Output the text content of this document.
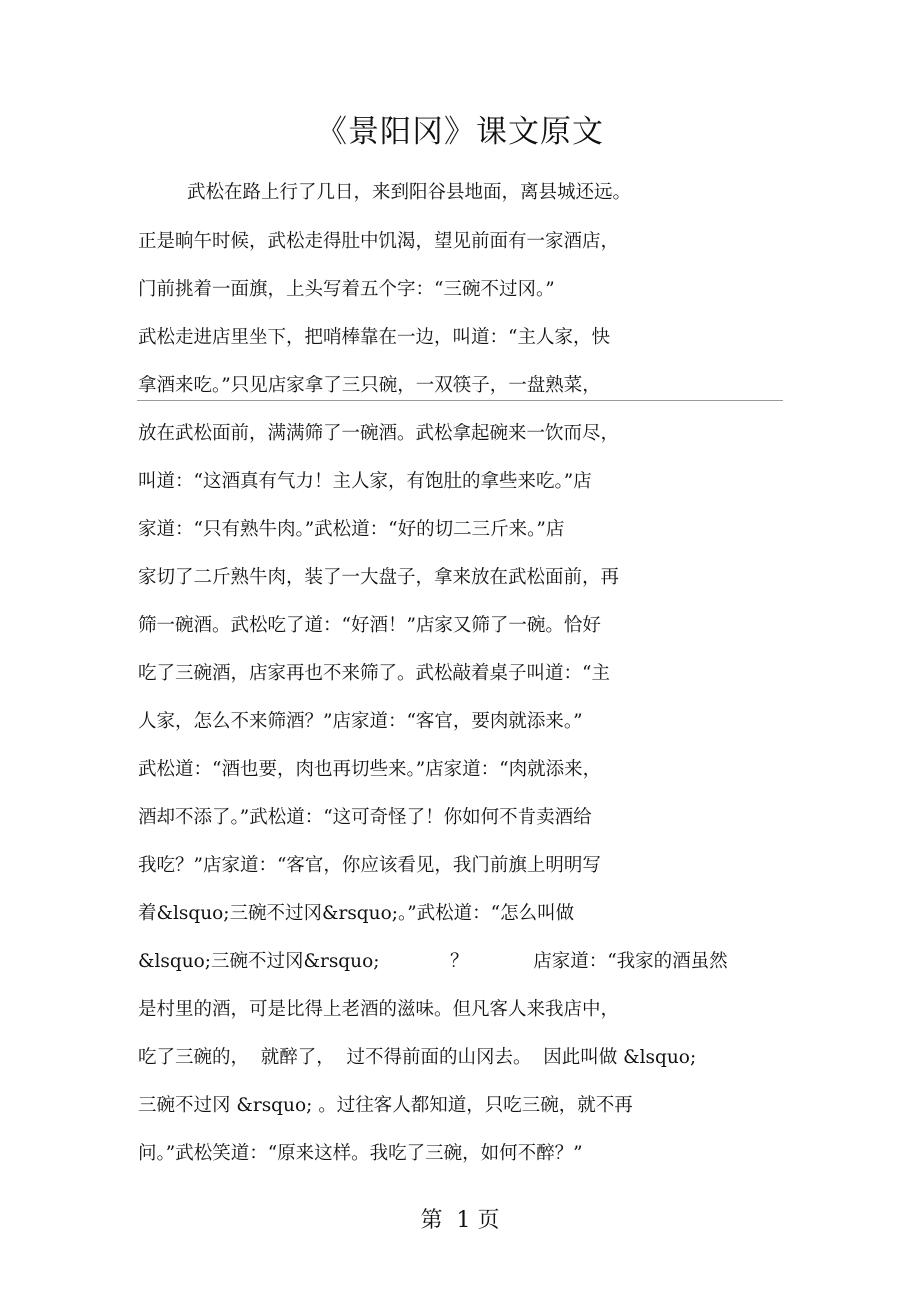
《景阳冈》课文原文
武松在路上行了几日，来到阳谷县地面，离县城还远。
正是晌午时候，武松走得肚中饥渴，望见前面有一家酒店，
门前挑着一面旗，上头写着五个字：“三碗不过冈。”
武松走进店里坐下，把哨棒靠在一边，叫道：“主人家，快
拿酒来吃。”只见店家拿了三只碗，一双筷子，一盘熟菜，
放在武松面前，满满筛了一碗酒。武松拿起碗来一饮而尽，
叫道：“这酒真有气力！主人家，有饱肚的拿些来吃。”店
家道：“只有熟牛肉。”武松道：“好的切二三斤来。”店
家切了二斤熟牛肉，装了一大盘子，拿来放在武松面前，再
筛一碗酒。武松吃了道：“好酒！”店家又筛了一碗。恰好
吃了三碗酒，店家再也不来筛了。武松敲着桌子叫道：“主
人家，怎么不来筛酒？”店家道：“客官，要肉就添来。”
武松道：“酒也要，肉也再切些来。”店家道：“肉就添来，
酒却不添了。”武松道：“这可奇怪了！你如何不肯卖酒给
我吃？”店家道：“客官，你应该看见，我门前旗上明明写
着&lsquo;三碗不过冈&rsquo;。”武松道：“怎么叫做
&lsquo;三碗不过冈&rsquo;            ？           店家道：“我家的酒虽然
是村里的酒，可是比得上老酒的滋味。但凡客人来我店中，
吃了三碗的，  就醉了，  过不得前面的山冈去。  因此叫做 &lsquo;
三碗不过冈 &rsquo; 。过往客人都知道，只吃三碗，就不再
问。”武松笑道：“原来这样。我吃了三碗，如何不醉？”
第  1 页
